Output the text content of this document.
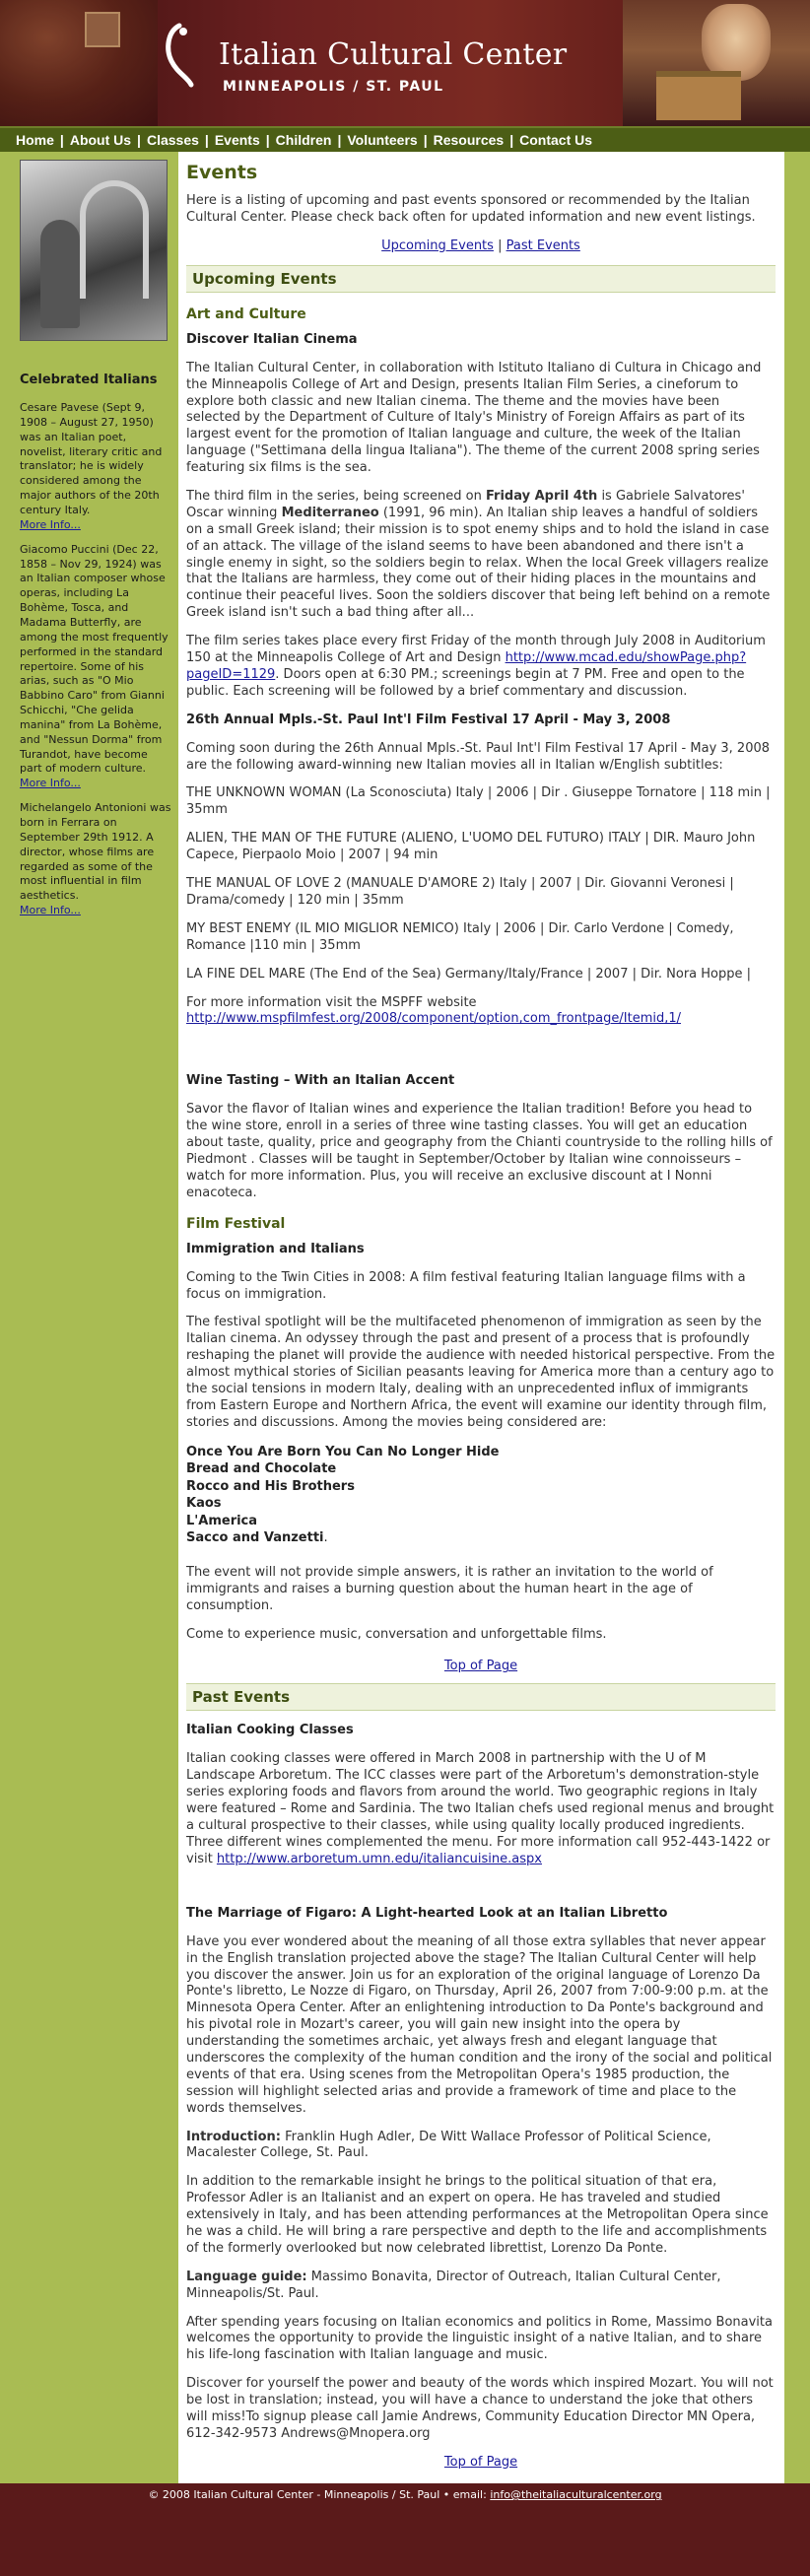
Italian Cultural Center
MINNEAPOLIS / ST. PAUL
Home | About Us | Classes | Events | Children | Volunteers | Resources | Contact Us
Celebrated Italians

Cesare Pavese (Sept 9, 1908 – August 27, 1950) was an Italian poet, novelist, literary critic and translator; he is widely considered among the major authors of the 20th century Italy.

More Info...

Giacomo Puccini (Dec 22, 1858 – Nov 29, 1924) was an Italian composer whose operas, including La Bohème, Tosca, and Madama Butterfly, are among the most frequently performed in the standard repertoire. Some of his arias, such as "O Mio Babbino Caro" from Gianni Schicchi, "Che gelida manina" from La Bohème, and "Nessun Dorma" from Turandot, have become part of modern culture.

More Info...

Michelangelo Antonioni was born in Ferrara on September 29th 1912. A director, whose films are regarded as some of the most influential in film aesthetics.

More Info...
Events

Here is a listing of upcoming and past events sponsored or recommended by the Italian Cultural Center. Please check back often for updated information and new event listings.

Upcoming Events | Past Events
Upcoming Events
Art and Culture
Discover Italian Cinema

The Italian Cultural Center, in collaboration with Istituto Italiano di Cultura in Chicago and the Minneapolis College of Art and Design, presents Italian Film Series, a cineforum to explore both classic and new Italian cinema. The theme and the movies have been selected by the Department of Culture of Italy's Ministry of Foreign Affairs as part of its largest event for the promotion of Italian language and culture, the week of the Italian language ("Settimana della lingua Italiana"). The theme of the current 2008 spring series featuring six films is the sea.

The third film in the series, being screened on Friday April 4th is Gabriele Salvatores' Oscar winning Mediterraneo (1991, 96 min). An Italian ship leaves a handful of soldiers on a small Greek island; their mission is to spot enemy ships and to hold the island in case of an attack. The village of the island seems to have been abandoned and there isn't a single enemy in sight, so the soldiers begin to relax. When the local Greek villagers realize that the Italians are harmless, they come out of their hiding places in the mountains and continue their peaceful lives. Soon the soldiers discover that being left behind on a remote Greek island isn't such a bad thing after all...

The film series takes place every first Friday of the month through July 2008 in Auditorium 150 at the Minneapolis College of Art and Design http://www.mcad.edu/showPage.php?pageID=1129. Doors open at 6:30 PM.; screenings begin at 7 PM. Free and open to the public. Each screening will be followed by a brief commentary and discussion.

26th Annual Mpls.-St. Paul Int'l Film Festival 17 April - May 3, 2008

Coming soon during the 26th Annual Mpls.-St. Paul Int'l Film Festival 17 April - May 3, 2008 are the following award-winning new Italian movies all in Italian w/English subtitles:

THE UNKNOWN WOMAN (La Sconosciuta) Italy | 2006 | Dir . Giuseppe Tornatore | 118 min | 35mm

ALIEN, THE MAN OF THE FUTURE (ALIENO, L'UOMO DEL FUTURO) ITALY | DIR. Mauro John Capece, Pierpaolo Moio | 2007 | 94 min

THE MANUAL OF LOVE 2 (MANUALE D'AMORE 2) Italy | 2007 | Dir. Giovanni Veronesi | Drama/comedy | 120 min | 35mm

MY BEST ENEMY (IL MIO MIGLIOR NEMICO) Italy | 2006 | Dir. Carlo Verdone | Comedy, Romance |110 min | 35mm

LA FINE DEL MARE (The End of the Sea) Germany/Italy/France | 2007 | Dir. Nora Hoppe |

For more information visit the MSPFF website
http://www.mspfilmfest.org/2008/component/option,com_frontpage/Itemid,1/

Wine Tasting – With an Italian Accent

Savor the flavor of Italian wines and experience the Italian tradition! Before you head to the wine store, enroll in a series of three wine tasting classes. You will get an education about taste, quality, price and geography from the Chianti countryside to the rolling hills of Piedmont . Classes will be taught in September/October by Italian wine connoisseurs – watch for more information. Plus, you will receive an exclusive discount at I Nonni enacoteca.

Film Festival
Immigration and Italians

Coming to the Twin Cities in 2008: A film festival featuring Italian language films with a focus on immigration.

The festival spotlight will be the multifaceted phenomenon of immigration as seen by the Italian cinema. An odyssey through the past and present of a process that is profoundly reshaping the planet will provide the audience with needed historical perspective. From the almost mythical stories of Sicilian peasants leaving for America more than a century ago to the social tensions in modern Italy, dealing with an unprecedented influx of immigrants from Eastern Europe and Northern Africa, the event will examine our identity through film, stories and discussions. Among the movies being considered are:

Once You Are Born You Can No Longer Hide
Bread and Chocolate
Rocco and His Brothers
Kaos
L'America
Sacco and Vanzetti.

The event will not provide simple answers, it is rather an invitation to the world of immigrants and raises a burning question about the human heart in the age of consumption.

Come to experience music, conversation and unforgettable films.

Top of Page
Past Events
Italian Cooking Classes

Italian cooking classes were offered in March 2008 in partnership with the U of M Landscape Arboretum. The ICC classes were part of the Arboretum's demonstration-style series exploring foods and flavors from around the world. Two geographic regions in Italy were featured – Rome and Sardinia. The two Italian chefs used regional menus and brought a cultural prospective to their classes, while using quality locally produced ingredients. Three different wines complemented the menu. For more information call 952-443-1422 or visit http://www.arboretum.umn.edu/italiancuisine.aspx

The Marriage of Figaro: A Light-hearted Look at an Italian Libretto

Have you ever wondered about the meaning of all those extra syllables that never appear in the English translation projected above the stage? The Italian Cultural Center will help you discover the answer. Join us for an exploration of the original language of Lorenzo Da Ponte's libretto, Le Nozze di Figaro, on Thursday, April 26, 2007 from 7:00-9:00 p.m. at the Minnesota Opera Center. After an enlightening introduction to Da Ponte's background and his pivotal role in Mozart's career, you will gain new insight into the opera by understanding the sometimes archaic, yet always fresh and elegant language that underscores the complexity of the human condition and the irony of the social and political events of that era. Using scenes from the Metropolitan Opera's 1985 production, the session will highlight selected arias and provide a framework of time and place to the words themselves.

Introduction: Franklin Hugh Adler, De Witt Wallace Professor of Political Science, Macalester College, St. Paul.

In addition to the remarkable insight he brings to the political situation of that era, Professor Adler is an Italianist and an expert on opera. He has traveled and studied extensively in Italy, and has been attending performances at the Metropolitan Opera since he was a child. He will bring a rare perspective and depth to the life and accomplishments of the formerly overlooked but now celebrated librettist, Lorenzo Da Ponte.

Language guide: Massimo Bonavita, Director of Outreach, Italian Cultural Center, Minneapolis/St. Paul.

After spending years focusing on Italian economics and politics in Rome, Massimo Bonavita welcomes the opportunity to provide the linguistic insight of a native Italian, and to share his life-long fascination with Italian language and music.

Discover for yourself the power and beauty of the words which inspired Mozart. You will not be lost in translation; instead, you will have a chance to understand the joke that others will miss!To signup please call Jamie Andrews, Community Education Director MN Opera, 612-342-9573 Andrews@Mnopera.org

Top of Page
© 2008 Italian Cultural Center - Minneapolis / St. Paul • email:
info@theitaliaculturalcenter.org
